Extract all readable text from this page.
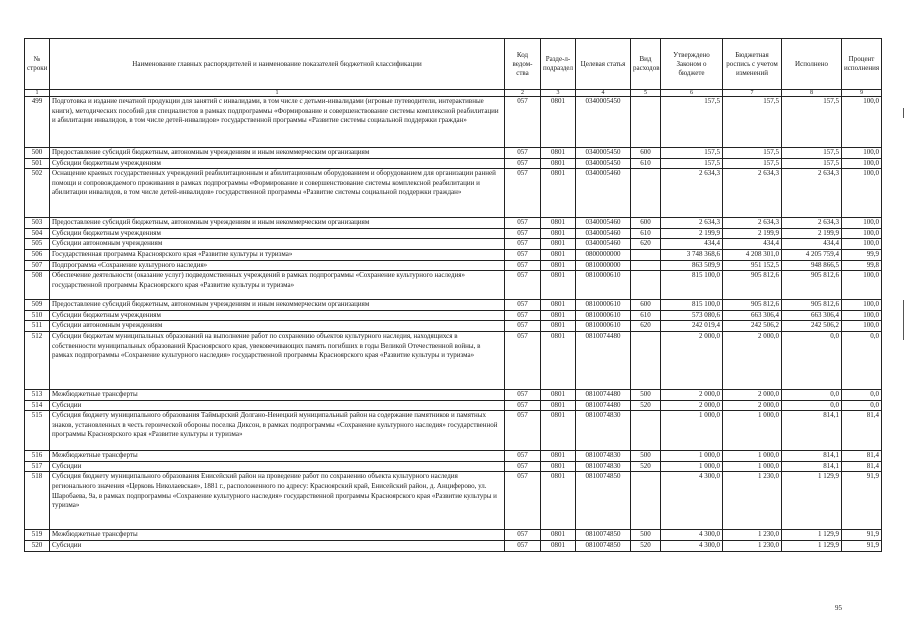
№ строки	Наименование главных распорядителей и наименование показателей бюджетной классификации	Код ведом-ства	Разде-л-подраздел	Целевая статья	Вид расходов	Утверждено Законом о бюджете	Бюджетная роспись с учетом изменений	Исполнено	Процент исполнения
1	1	2	3	4	5	6	7	8	9
499	Подготовка и издание печатной продукции для занятий с инвалидами, в том числе с детьми-инвалидами (игровые путеводители, интерактивные книги), методических пособий для специалистов в рамках подпрограммы «Формирование и совершенствование системы комплексной реабилитации и абилитации инвалидов, в том числе детей-инвалидов» государственной программы «Развитие системы социальной поддержки граждан»	057	0801	0340005450		157,5	157,5	157,5	100,0
500	Предоставление субсидий бюджетным, автономным учреждениям и иным некоммерческим организациям	057	0801	0340005450	600	157,5	157,5	157,5	100,0
501	Субсидии бюджетным учреждениям	057	0801	0340005450	610	157,5	157,5	157,5	100,0
502	Оснащение краевых государственных учреждений реабилитационным и абилитационным оборудованием и оборудованием для организации ранней помощи и сопровождаемого проживания в рамках подпрограммы «Формирование и совершенствование системы комплексной реабилитации и абилитации инвалидов, в том числе детей-инвалидов» государственной программы «Развитие системы социальной поддержки граждан»	057	0801	0340005460		2 634,3	2 634,3	2 634,3	100,0
503	Предоставление субсидий бюджетным, автономным учреждениям и иным некоммерческим организациям	057	0801	0340005460	600	2 634,3	2 634,3	2 634,3	100,0
504	Субсидии бюджетным учреждениям	057	0801	0340005460	610	2 199,9	2 199,9	2 199,9	100,0
505	Субсидии автономным учреждениям	057	0801	0340005460	620	434,4	434,4	434,4	100,0
506	Государственная программа Красноярского края «Развитие культуры и туризма»	057	0801	0800000000		3 748 368,6	4 208 301,0	4 205 759,4	99,9
507	Подпрограмма «Сохранение культурного наследия»	057	0801	0810000000		863 509,9	951 152,5	948 866,5	99,8
508	Обеспечение деятельности (оказание услуг) подведомственных учреждений в рамках подпрограммы «Сохранение культурного наследия» государственной программы Красноярского края «Развитие культуры и туризма»	057	0801	0810000610		815 100,0	905 812,6	905 812,6	100,0
509	Предоставление субсидий бюджетным, автономным учреждениям и иным некоммерческим организациям	057	0801	0810000610	600	815 100,0	905 812,6	905 812,6	100,0
510	Субсидии бюджетным учреждениям	057	0801	0810000610	610	573 080,6	663 306,4	663 306,4	100,0
511	Субсидии автономным учреждениям	057	0801	0810000610	620	242 019,4	242 506,2	242 506,2	100,0
512	Субсидии бюджетам муниципальных образований на выполнение работ по сохранению объектов культурного наследия, находящихся в собственности муниципальных образований Красноярского края, увековечивающих память погибших в годы Великой Отечественной войны, в рамках подпрограммы «Сохранение культурного наследия» государственной программы Красноярского края «Развитие культуры и туризма»	057	0801	0810074480		2 000,0	2 000,0	0,0	0,0
513	Межбюджетные трансферты	057	0801	0810074480	500	2 000,0	2 000,0	0,0	0,0
514	Субсидии	057	0801	0810074480	520	2 000,0	2 000,0	0,0	0,0
515	Субсидия бюджету муниципального образования Таймырский Долгано-Ненецкий муниципальный район на содержание памятников и памятных знаков, установленных в честь героической обороны поселка Диксон, в рамках подпрограммы «Сохранение культурного наследия» государственной программы Красноярского края «Развитие культуры и туризма»	057	0801	0810074830		1 000,0	1 000,0	814,1	81,4
516	Межбюджетные трансферты	057	0801	0810074830	500	1 000,0	1 000,0	814,1	81,4
517	Субсидии	057	0801	0810074830	520	1 000,0	1 000,0	814,1	81,4
518	Субсидия бюджету муниципального образования Енисейский район на проведение работ по сохранению объекта культурного наследия регионального значения «Церковь Николаевская», 1881 г., расположенного по адресу: Красноярский край, Енисейский район, д. Анциферово, ул. Шаробаева, 9а, в рамках подпрограммы «Сохранение культурного наследия» государственной программы Красноярского края «Развитие культуры и туризма»	057	0801	0810074850		4 300,0	1 230,0	1 129,9	91,9
519	Межбюджетные трансферты	057	0801	0810074850	500	4 300,0	1 230,0	1 129,9	91,9
520	Субсидии	057	0801	0810074850	520	4 300,0	1 230,0	1 129,9	91,9
95
